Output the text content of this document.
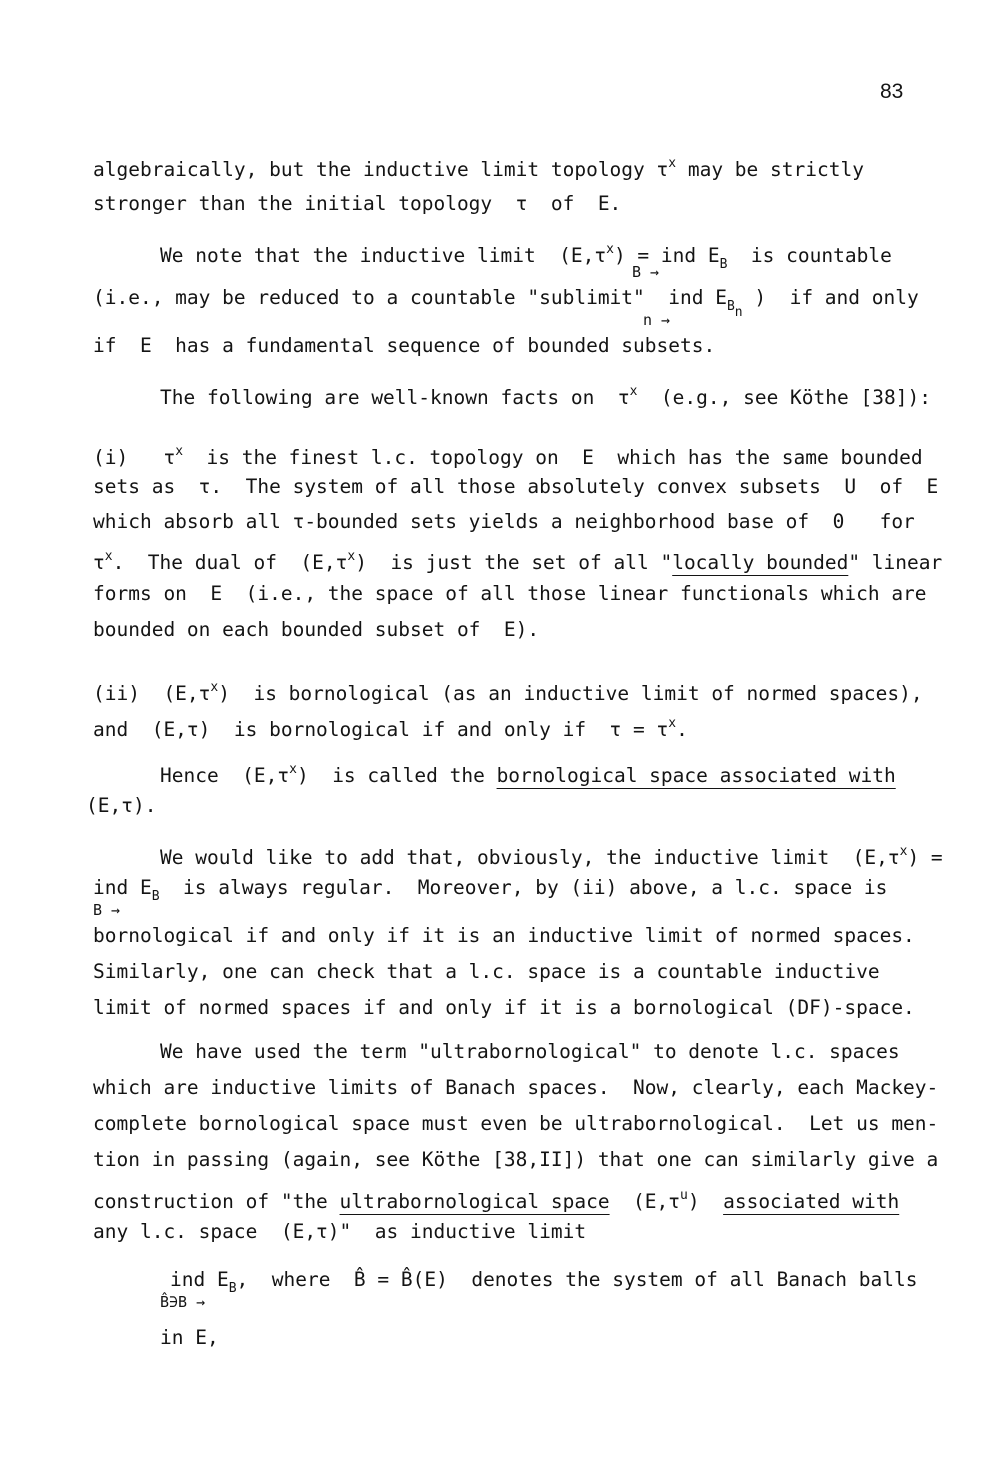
83
algebraically, but the inductive limit topology $\tau^x$ may be strictly
stronger than the initial topology  τ  of  E.
We note that the inductive limit  $(E,\tau^x)$ = ind $E_B$  is countable
B →
(i.e., may be reduced to a countable "sublimit"  ind $E_{Bn}$ )  if and only
n →
if  E  has a fundamental sequence of bounded subsets.
The following are well-known facts on  $\tau^x$  (e.g., see Köthe [38]):
(i)   $\tau^x$  is the finest l.c. topology on  E  which has the same bounded
sets as  τ.  The system of all those absolutely convex subsets  U  of  E
which absorb all τ-bounded sets yields a neighborhood base of  0   for
$\tau^x$.  The dual of  $(E,\tau^x)$  is just the set of all "locally bounded" linear
forms on  E  (i.e., the space of all those linear functionals which are
bounded on each bounded subset of  E).
(ii)  $(E,\tau^x)$  is bornological (as an inductive limit of normed spaces),
and  (E,τ)  is bornological if and only if  $\tau = \tau^x$.
Hence  $(E,\tau^x)$  is called the bornological space associated with
(E,τ).
We would like to add that, obviously, the inductive limit  $(E,\tau^x)$ =
ind $E_B$  is always regular.  Moreover, by (ii) above, a l.c. space is
B →
bornological if and only if it is an inductive limit of normed spaces.
Similarly, one can check that a l.c. space is a countable inductive
limit of normed spaces if and only if it is a bornological (DF)-space.
We have used the term "ultrabornological" to denote l.c. spaces
which are inductive limits of Banach spaces.  Now, clearly, each Mackey-
complete bornological space must even be ultrabornological.  Let us men-
tion in passing (again, see Köthe [38,II]) that one can similarly give a
construction of "the ultrabornological space  $(E,\tau^u)$  associated with
any l.c. space  (E,τ)"  as inductive limit
ind $E_B$,  where  B̂ = B̂(E)  denotes the system of all Banach balls
B̂∋B →
in E,
